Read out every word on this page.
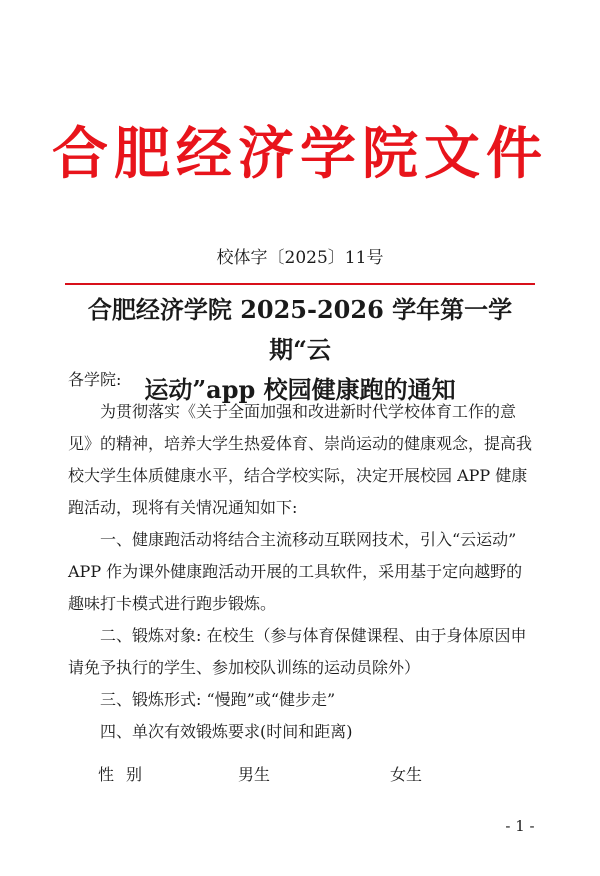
合肥经济学院文件
校体字〔2025〕11号
合肥经济学院 2025-2026 学年第一学期“云
运动”app 校园健康跑的通知

各学院:

为贯彻落实《关于全面加强和改进新时代学校体育工作的意见》的精神，培养大学生热爱体育、崇尚运动的健康观念，提高我校大学生体质健康水平，结合学校实际，决定开展校园 APP 健康跑活动，现将有关情况通知如下:

一、健康跑活动将结合主流移动互联网技术，引入“云运动” APP 作为课外健康跑活动开展的工具软件，采用基于定向越野的趣味打卡模式进行跑步锻炼。

二、锻炼对象: 在校生（参与体育保健课程、由于身体原因申请免予执行的学生、参加校队训练的运动员除外）

三、锻炼形式: “慢跑”或“健步走”

四、单次有效锻炼要求(时间和距离)

性别	男生	女生
- 1 -
